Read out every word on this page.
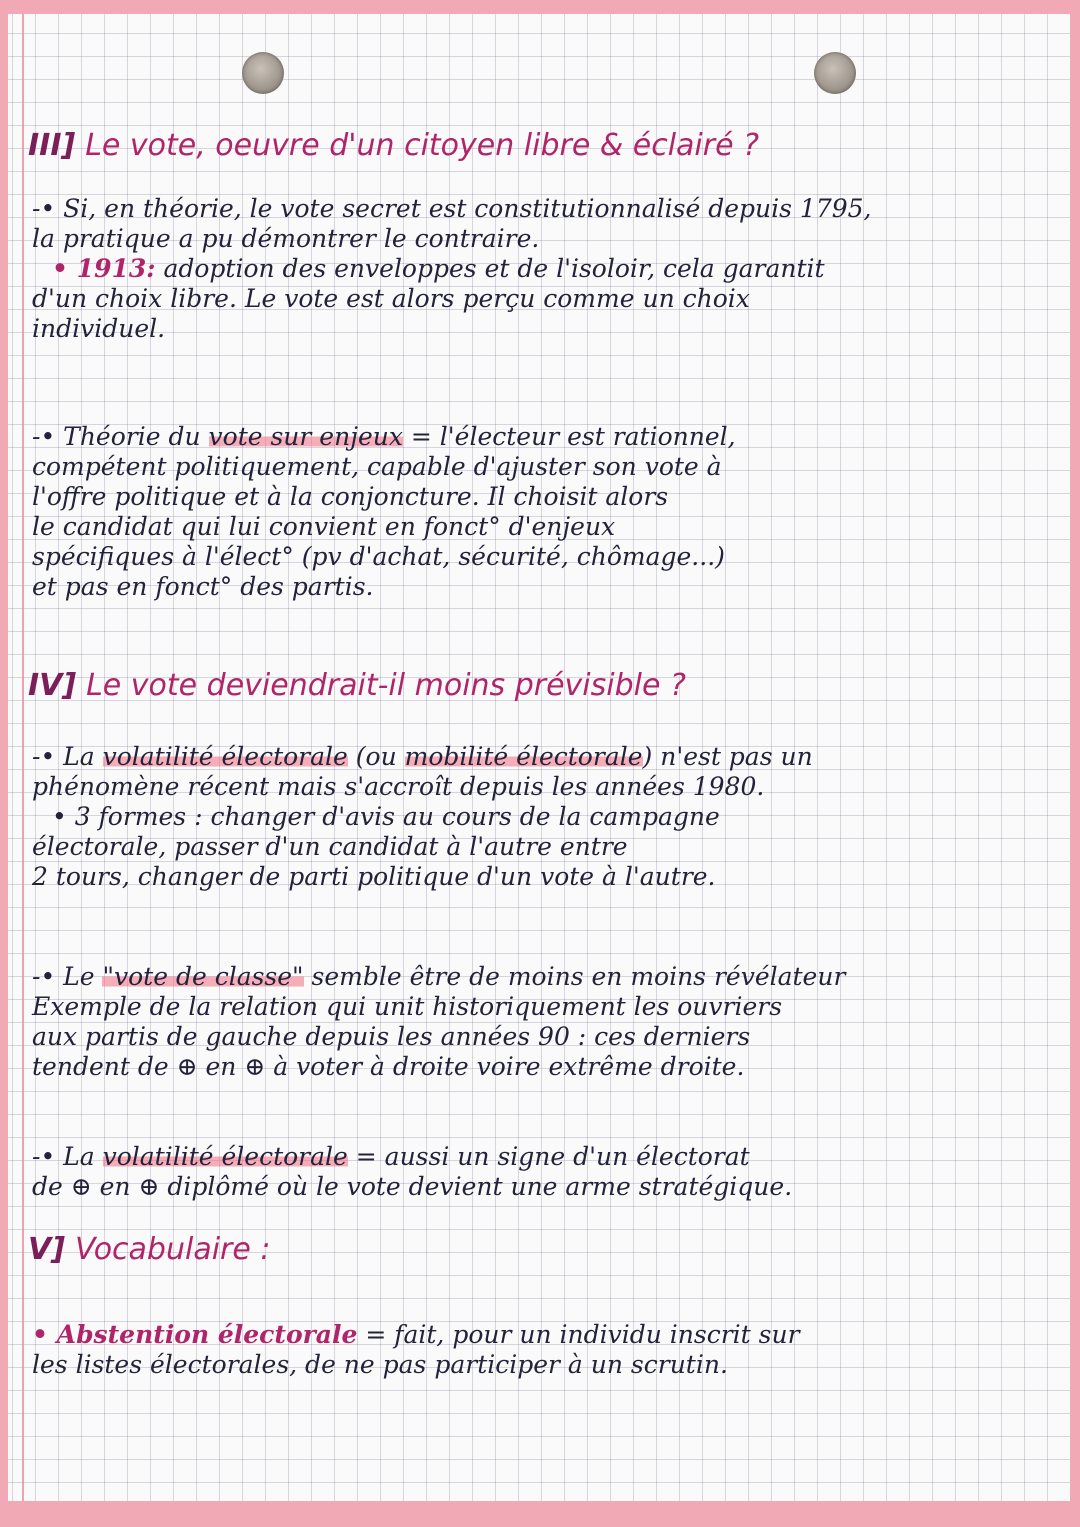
III] Le vote, oeuvre d'un citoyen libre & éclairé ?

-• Si, en théorie, le vote secret est constitutionnalisé depuis 1795,

la pratique a pu démontrer le contraire.

• 1913: adoption des enveloppes et de l'isoloir, cela garantit

d'un choix libre. Le vote est alors perçu comme un choix

individuel.

-• Théorie du vote sur enjeux = l'électeur est rationnel,

compétent politiquement, capable d'ajuster son vote à

l'offre politique et à la conjoncture. Il choisit alors

le candidat qui lui convient en fonct° d'enjeux

spécifiques à l'élect° (pv d'achat, sécurité, chômage...)

et pas en fonct° des partis.

IV] Le vote deviendrait-il moins prévisible ?

-• La volatilité électorale (ou mobilité électorale) n'est pas un

phénomène récent mais s'accroît depuis les années 1980.

• 3 formes : changer d'avis au cours de la campagne

électorale, passer d'un candidat à l'autre entre

2 tours, changer de parti politique d'un vote à l'autre.

-• Le "vote de classe" semble être de moins en moins révélateur

Exemple de la relation qui unit historiquement les ouvriers

aux partis de gauche depuis les années 90 : ces derniers

tendent de ⊕ en ⊕ à voter à droite voire extrême droite.

-• La volatilité électorale = aussi un signe d'un électorat

de ⊕ en ⊕ diplômé où le vote devient une arme stratégique.

V] Vocabulaire :

• Abstention électorale = fait, pour un individu inscrit sur

les listes électorales, de ne pas participer à un scrutin.
